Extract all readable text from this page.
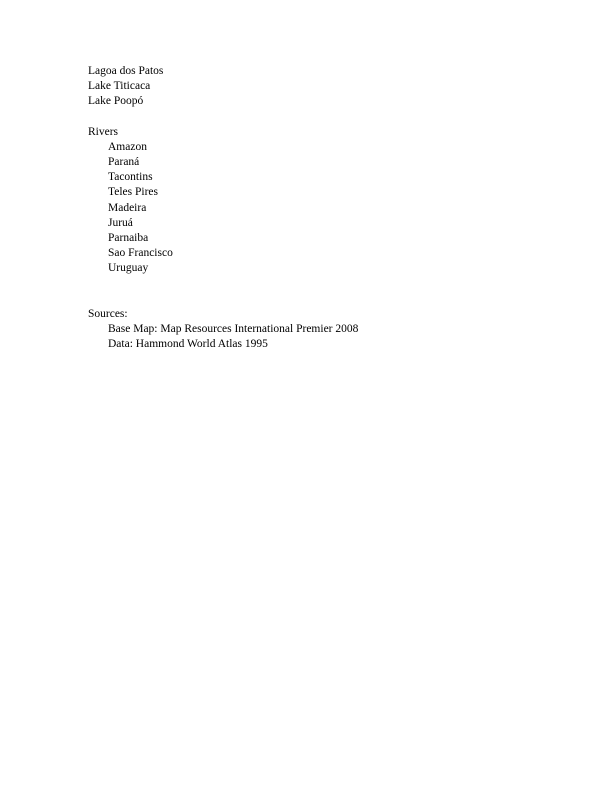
Lagoa dos Patos
Lake Titicaca
Lake Poopó
Rivers
Amazon
Paraná
Tacontins
Teles Pires
Madeira
Juruá
Parnaiba
Sao Francisco
Uruguay
Sources:
Base Map: Map Resources International Premier 2008
Data: Hammond World Atlas 1995
